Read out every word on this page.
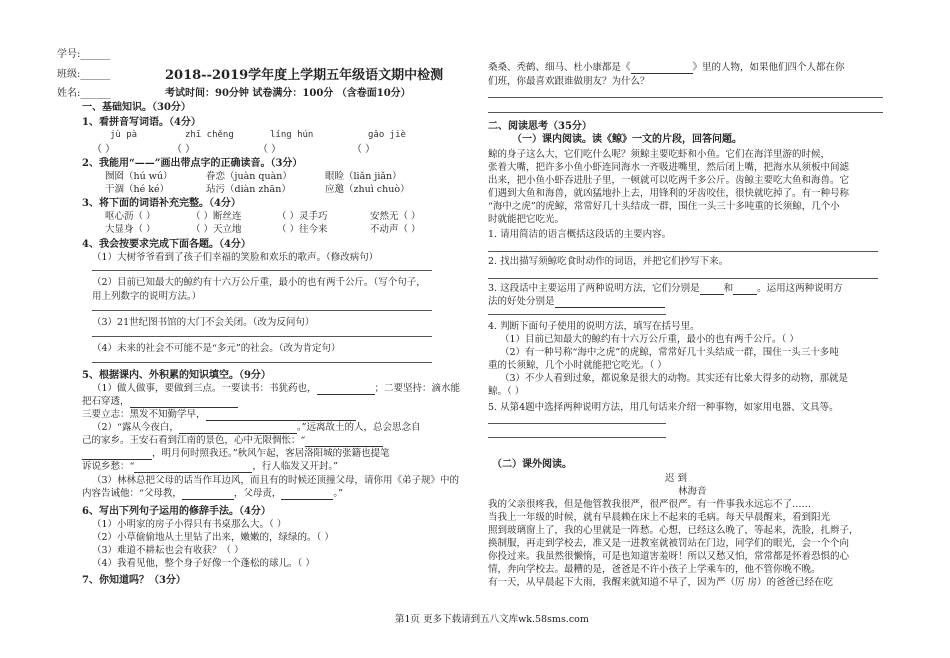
学号:______
班级:______
姓名:______
2018--2019学年度上学期五年级语文期中检测
考试时间：90分钟 试卷满分：100分 （含卷面10分）
一、基础知识。（30分）
1、看拼音写词语。（4分）
jù pà	zhī chěng	líng hún	gǎo jiè
（ ）	（ ）	（ ）	（ ）
2、我能用“——”画出带点字的正确读音。（3分）
囫囵（hú wú）	眷恋（juàn quàn）	眼睑（liǎn jiǎn）
干涸（hé ké）	玷污（diàn zhān）	应邀（zhuì chuò）
3、将下面的词语补充完整。（4分）
呕心沥（ ）	（ ）断丝连	（ ）灵手巧	安然无（ ）
大显身（ ）	（ ）天立地	（ ）往今来	不动声（ ）
4、我会按要求完成下面各题。（4分）
（1）大树爷爷看到了孩子们幸福的笑脸和欢乐的歌声。（修改病句）
（2）目前已知最大的鲸约有十六万公斤重，最小的也有两千公斤。（写个句子，
用上列数字的说明方法。）
（3）21世纪图书馆的大门不会关闭。（改为反问句）
（4）未来的社会不可能不是“多元”的社会。（改为肯定句）
5、根据课内、外积累的知识填空。（9分）
（1）做人做事，要做到三点。一要读书：书犹药也，	；二要坚持：滴水能
把石穿透，
三要立志：黑发不知勤学早，
（2）“露从今夜白，	。”远离故土的人，总会思念自
己的家乡。王安石看到江南的景色，心中无限惆怅：“
，明月何时照我还。”秋风乍起，客居洛阳城的张籍也提笔
诉说乡愁：“	，行人临发又开封。”
（3）林林总把父母的话当作耳边风，而且有的时候还顶撞父母，请你用《弟子规》中的
内容告诫他：“父母教，	，父母责，	。”
6、写出下列句子运用的修辞手法。（4分）
（1）小明家的房子小得只有书桌那么大。（ ）
（2）小草偷偷地从土里钻了出来，嫩嫩的，绿绿的。（ ）
（3）难道不耕耘也会有收获？（ ）
（4）我看见他，整个身子好像一个蓬松的球儿。（ ）
7、你知道吗？（3分）
桑桑、秃鹤、细马、杜小康都是《	》里的人物，如果他们四个人都在你
们班，你最喜欢跟谁做朋友？为什么？
二、阅读思考（35分）
（一）课内阅读。读《鲸》一文的片段，回答问题。
鲸的身子这么大，它们吃什么呢？须鲸主要吃虾和小鱼。它们在海洋里游的时候，
张着大嘴，把许多小鱼小虾连同海水一齐吸进嘴里，然后闭上嘴，把海水从须板中间滤
出来，把小鱼小虾吞进肚子里，一顿就可以吃两千多公斤。齿鲸主要吃大鱼和海兽。它
们遇到大鱼和海兽，就凶猛地扑上去，用锋利的牙齿咬住，很快就吃掉了。有一种号称
“海中之虎”的虎鲸，常常好几十头结成一群，围住一头三十多吨重的长须鲸，几个小
时就能把它吃光。
1. 请用简洁的语言概括这段话的主要内容。
2. 找出描写须鲸吃食时动作的词语，并把它们抄写下来。
3. 这段话中主要运用了两种说明方法，它们分别是	和	。运用这两种说明方
法的好处分别是
4. 判断下面句子使用的说明方法，填写在括号里。
（1）目前已知最大的鲸约有十六万公斤重，最小的也有两千公斤。（ ）
（2）有一种号称“海中之虎”的虎鲸，常常好几十头结成一群，围住一头三十多吨
重的长须鲸，几个小时就能把它吃光。（ ）
（3）不少人看到过象，都说象是很大的动物。其实还有比象大得多的动物，那就是
鲸。（ ）
5. 从第4题中选择两种说明方法，用几句话来介绍一种事物，如家用电器、文具等。
（二）课外阅读。
迟 到
林海音
我的父亲很疼我，但是他管教我很严，很严很严。有一件事我永远忘不了……
当我上一年级的时候，就有早晨赖在床上不起来的毛病。每天早晨醒来，看到阳光
照到玻璃窗上了，我的心里就是一阵愁。心想，已经这么晚了，等起来，洗脸，扎辫子，
换制服，再走到学校去，准又是一进教室就被罚站在门边，同学们的眼光，会一个个向
你投过来。我虽然很懒惰，可是也知道害羞呀！所以又愁又怕，常常都是怀着恐惧的心
情，奔向学校去。最糟的是，爸爸是不许小孩子上学乘车的，他不管你晚不晚。
有一天，从早晨起下大雨，我醒来就知道不早了，因为严（厉 房）的爸爸已经在吃
第1页 更多下载请到五八文库wk.58sms.com
